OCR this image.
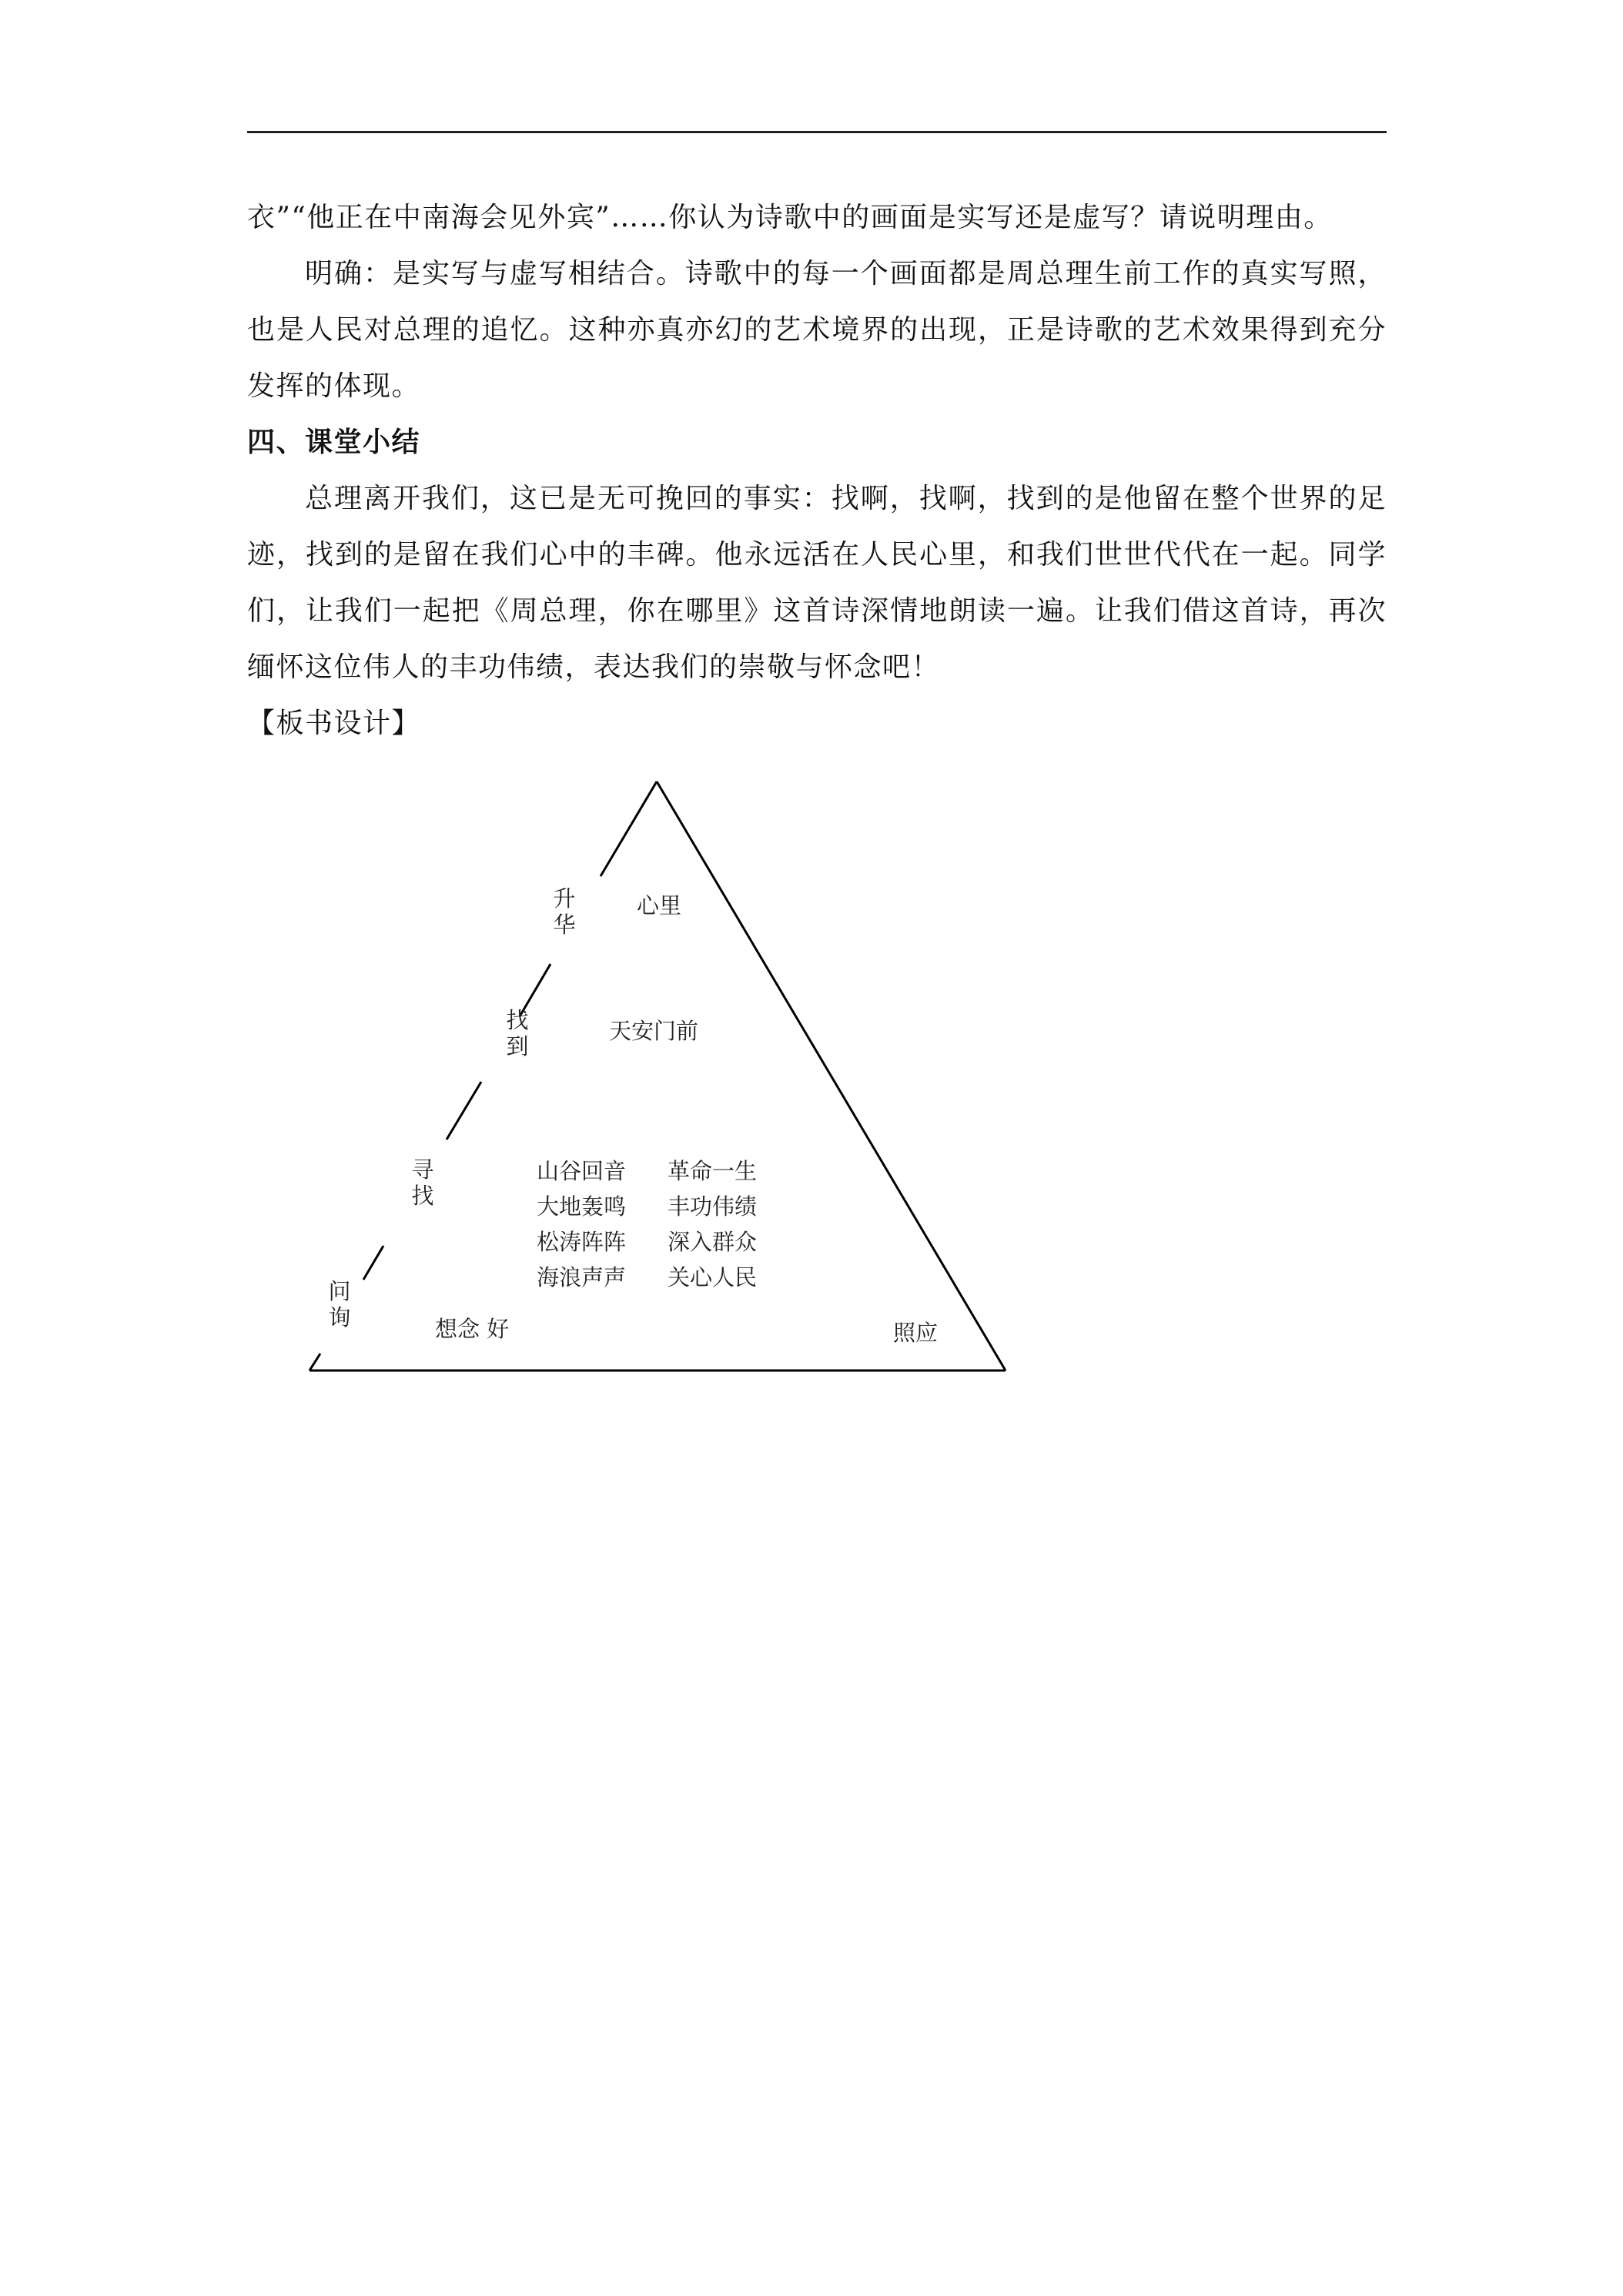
衣”“他正在中南海会见外宾”……你认为诗歌中的画面是实写还是虚写？请说明理由。

明确：是实写与虚写相结合。诗歌中的每一个画面都是周总理生前工作的真实写照，也是人民对总理的追忆。这种亦真亦幻的艺术境界的出现，正是诗歌的艺术效果得到充分发挥的体现。

四、课堂小结

总理离开我们，这已是无可挽回的事实：找啊，找啊，找到的是他留在整个世界的足迹，找到的是留在我们心中的丰碑。他永远活在人民心里，和我们世世代代在一起。同学们，让我们一起把《周总理，你在哪里》这首诗深情地朗读一遍。让我们借这首诗，再次缅怀这位伟人的丰功伟绩，表达我们的崇敬与怀念吧！

【板书设计】

升华
心里
找到
天安门前
寻找
山谷回音
大地轰鸣
松涛阵阵
海浪声声
革命一生
丰功伟绩
深入群众
关心人民
问询	想念 好	照应
